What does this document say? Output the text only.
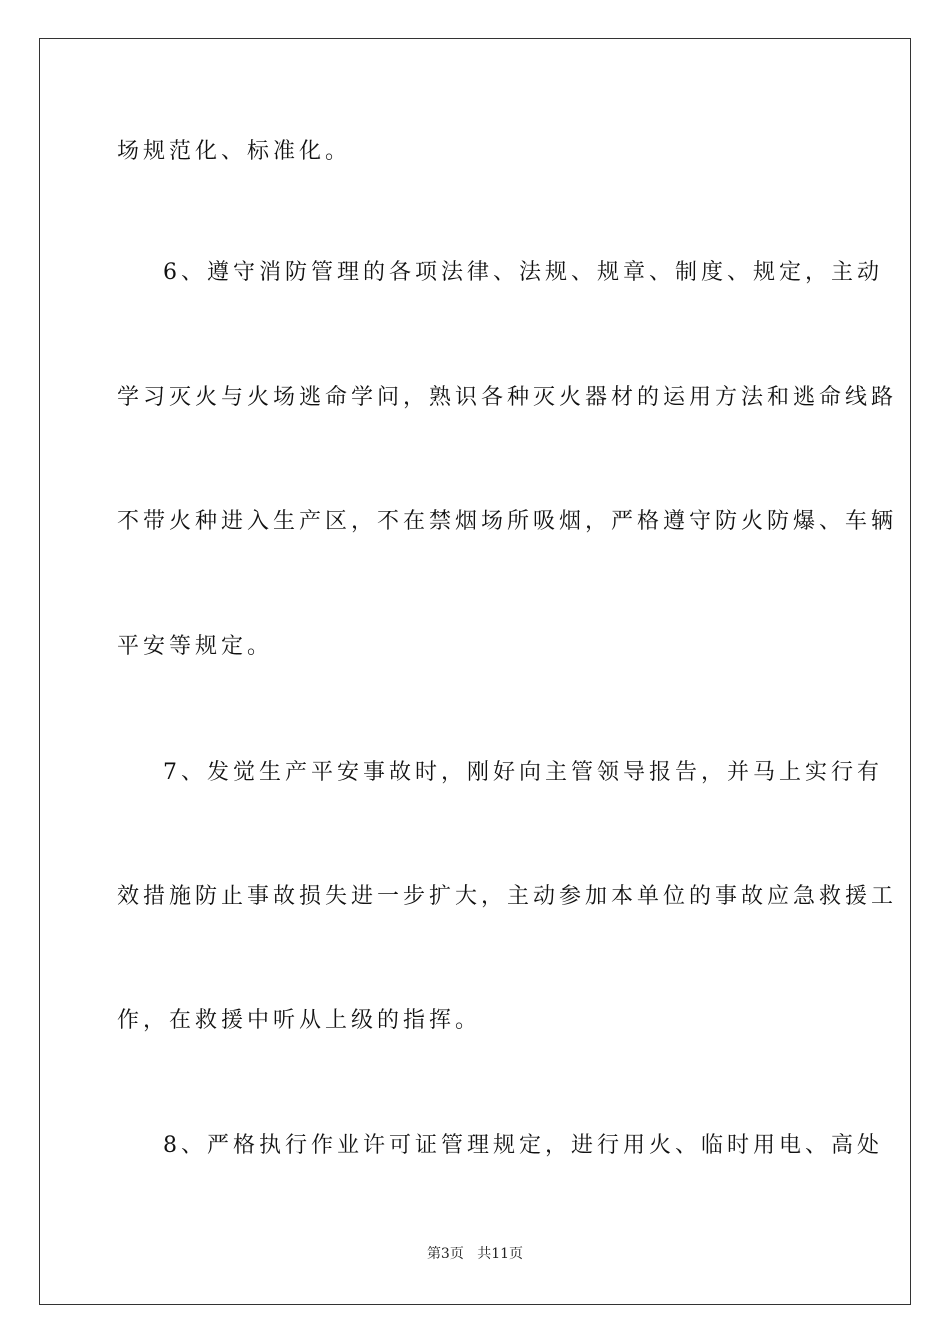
场规范化、标准化。
6、遵守消防管理的各项法律、法规、规章、制度、规定，主动
学习灭火与火场逃命学问，熟识各种灭火器材的运用方法和逃命线路
不带火种进入生产区，不在禁烟场所吸烟，严格遵守防火防爆、车辆
平安等规定。
7、发觉生产平安事故时，刚好向主管领导报告，并马上实行有
效措施防止事故损失进一步扩大，主动参加本单位的事故应急救援工
作，在救援中听从上级的指挥。
8、严格执行作业许可证管理规定，进行用火、临时用电、高处
第3页 共11页
